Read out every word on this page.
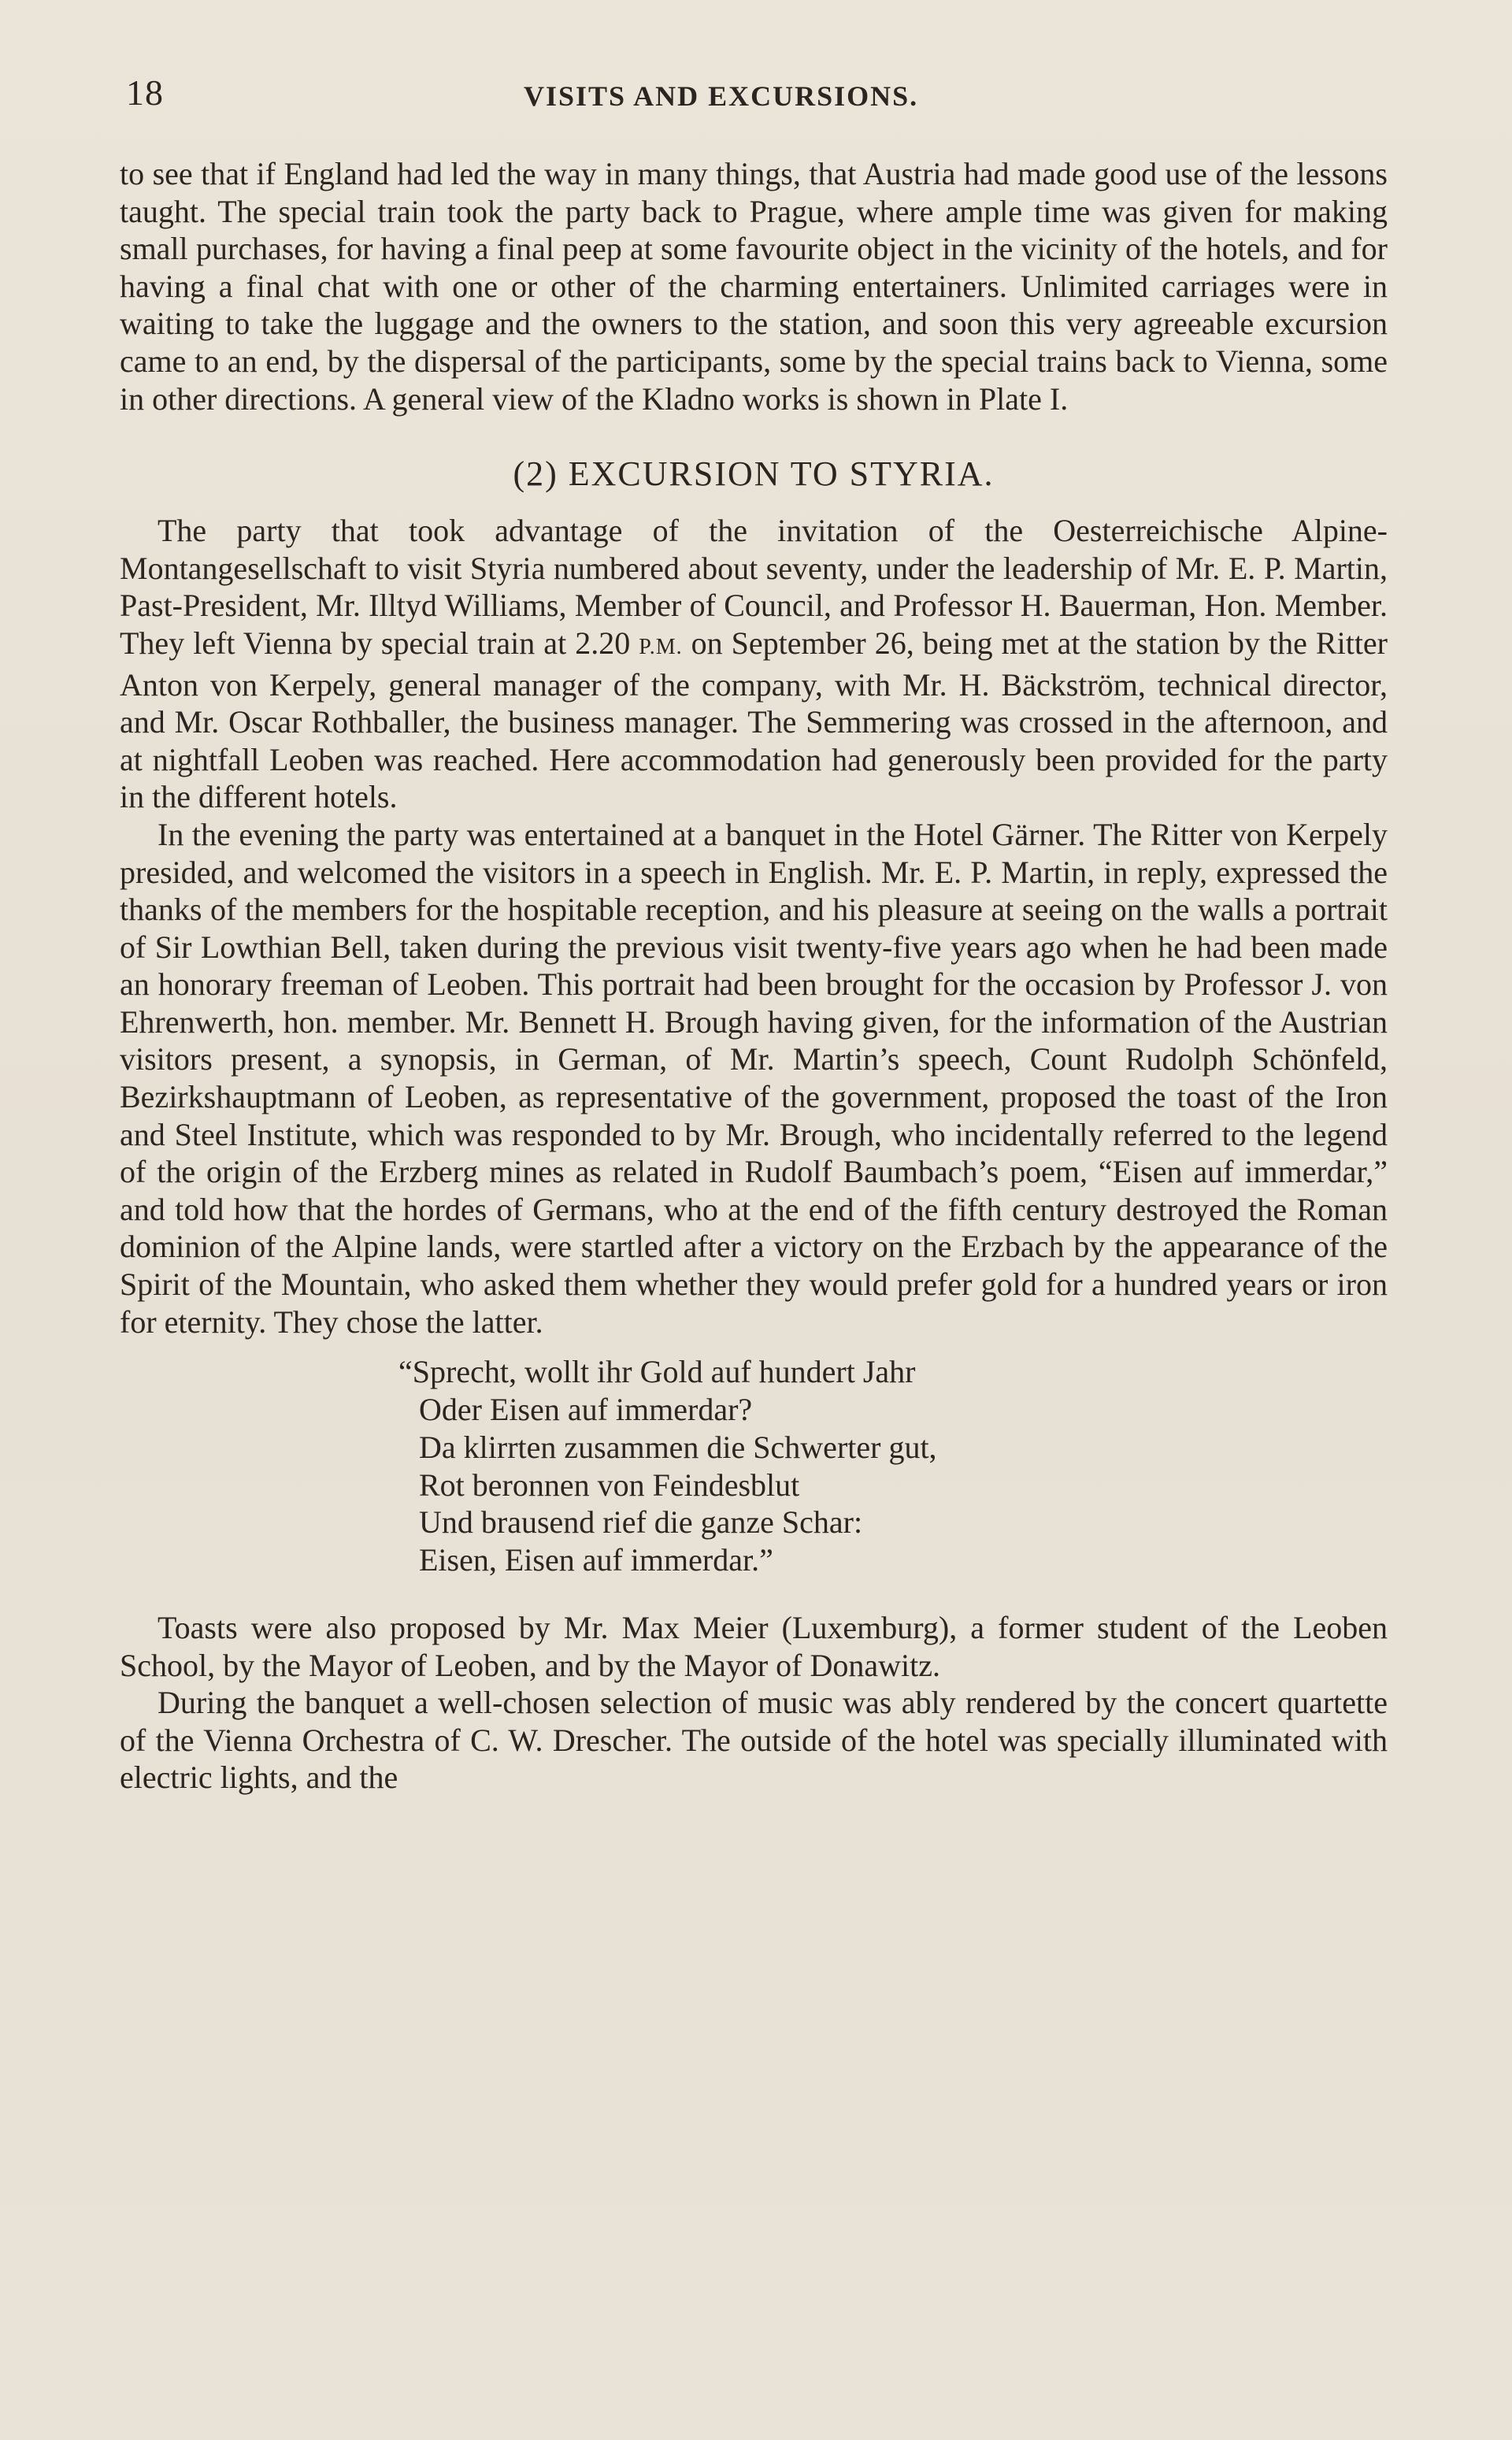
18	VISITS AND EXCURSIONS.

to see that if England had led the way in many things, that Austria had made good use of the lessons taught. The special train took the party back to Prague, where ample time was given for making small purchases, for having a final peep at some favourite object in the vicinity of the hotels, and for having a final chat with one or other of the charming entertainers. Unlimited carriages were in waiting to take the luggage and the owners to the station, and soon this very agreeable excursion came to an end, by the dispersal of the participants, some by the special trains back to Vienna, some in other directions. A general view of the Kladno works is shown in Plate I.

(2) EXCURSION TO STYRIA.

The party that took advantage of the invitation of the Oesterreichische Alpine-Montangesellschaft to visit Styria numbered about seventy, under the leadership of Mr. E. P. Martin, Past-President, Mr. Illtyd Williams, Member of Council, and Professor H. Bauerman, Hon. Member. They left Vienna by special train at 2.20 P.M. on September 26, being met at the station by the Ritter Anton von Kerpely, general manager of the company, with Mr. H. Bäckström, technical director, and Mr. Oscar Rothballer, the business manager. The Semmering was crossed in the afternoon, and at nightfall Leoben was reached. Here accommodation had generously been provided for the party in the different hotels.

In the evening the party was entertained at a banquet in the Hotel Gärner. The Ritter von Kerpely presided, and welcomed the visitors in a speech in English. Mr. E. P. Martin, in reply, expressed the thanks of the members for the hospitable reception, and his pleasure at seeing on the walls a portrait of Sir Lowthian Bell, taken during the previous visit twenty-five years ago when he had been made an honorary freeman of Leoben. This portrait had been brought for the occasion by Professor J. von Ehrenwerth, hon. member. Mr. Bennett H. Brough having given, for the information of the Austrian visitors present, a synopsis, in German, of Mr. Martin’s speech, Count Rudolph Schönfeld, Bezirkshauptmann of Leoben, as representative of the government, proposed the toast of the Iron and Steel Institute, which was responded to by Mr. Brough, who incidentally referred to the legend of the origin of the Erzberg mines as related in Rudolf Baumbach’s poem, “Eisen auf immerdar,” and told how that the hordes of Germans, who at the end of the fifth century destroyed the Roman dominion of the Alpine lands, were startled after a victory on the Erzbach by the appearance of the Spirit of the Mountain, who asked them whether they would prefer gold for a hundred years or iron for eternity. They chose the latter.

“Sprecht, wollt ihr Gold auf hundert Jahr
Oder Eisen auf immerdar?
Da klirrten zusammen die Schwerter gut,
Rot beronnen von Feindesblut
Und brausend rief die ganze Schar:
Eisen, Eisen auf immerdar.”

Toasts were also proposed by Mr. Max Meier (Luxemburg), a former student of the Leoben School, by the Mayor of Leoben, and by the Mayor of Donawitz.

During the banquet a well-chosen selection of music was ably rendered by the concert quartette of the Vienna Orchestra of C. W. Drescher. The outside of the hotel was specially illuminated with electric lights, and the
